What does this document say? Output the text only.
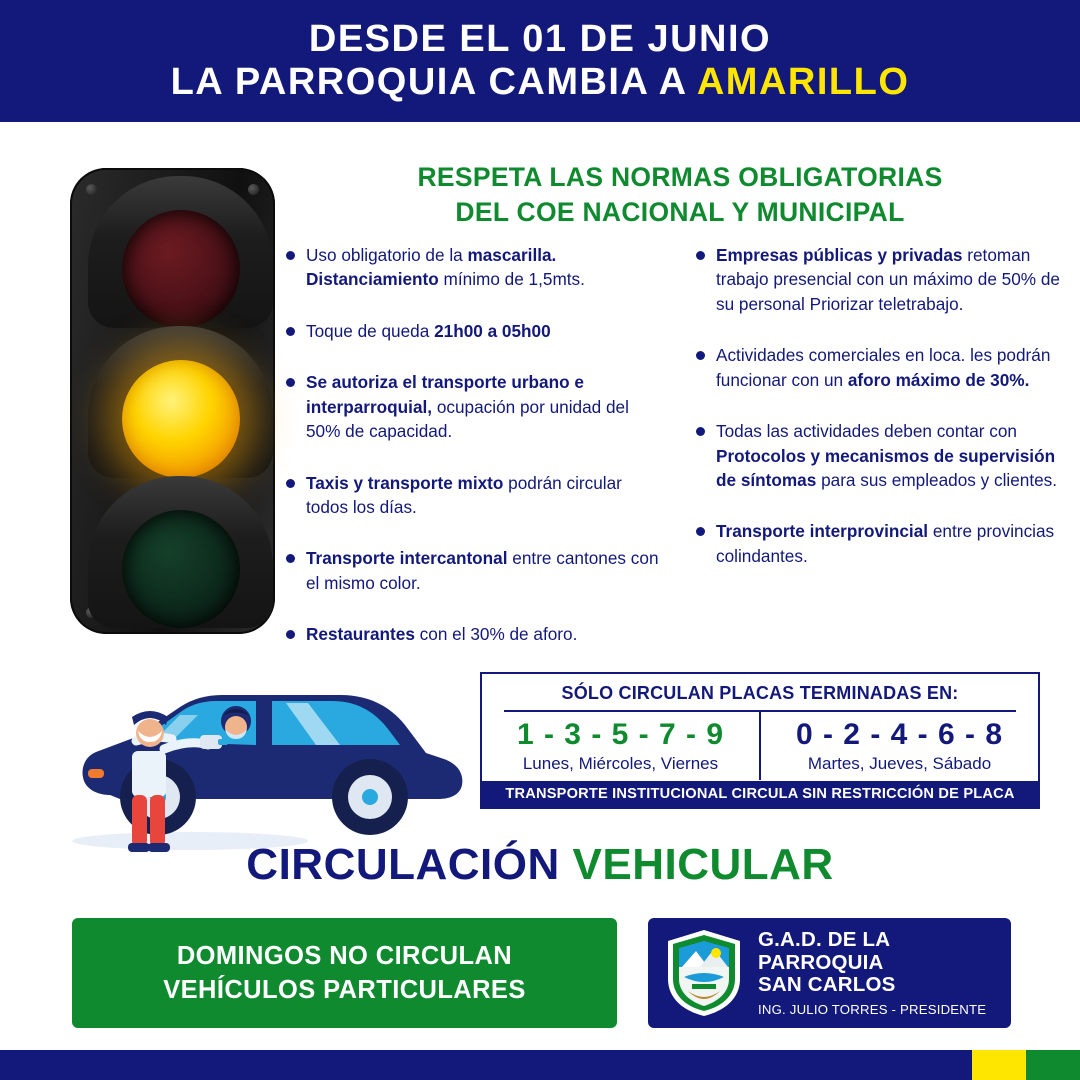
DESDE EL 01 DE JUNIO
LA PARROQUIA CAMBIA A AMARILLO
RESPETA LAS NORMAS OBLIGATORIAS
DEL COE NACIONAL Y MUNICIPAL
Uso obligatorio de la mascarilla. Distanciamiento mínimo de 1,5mts.
Toque de queda 21h00 a 05h00
Se autoriza el transporte urbano e interparroquial, ocupación por unidad del 50% de capacidad.
Taxis y transporte mixto podrán circular todos los días.
Transporte intercantonal entre cantones con el mismo color.
Restaurantes con el 30% de aforo.
Empresas públicas y privadas retoman trabajo presencial con un máximo de 50% de su personal Priorizar teletrabajo.
Actividades comerciales en loca. les podrán funcionar con un aforo máximo de 30%.
Todas las actividades deben contar con Protocolos y mecanismos de supervisión de síntomas para sus empleados y clientes.
Transporte interprovincial entre provincias colindantes.
SÓLO CIRCULAN PLACAS TERMINADAS EN:
1 - 3 - 5 - 7 - 9
Lunes, Miércoles, Viernes
0 - 2 - 4 - 6 - 8
Martes, Jueves, Sábado
TRANSPORTE INSTITUCIONAL CIRCULA SIN RESTRICCIÓN DE PLACA
CIRCULACIÓN VEHICULAR
DOMINGOS NO CIRCULAN
VEHÍCULOS PARTICULARES
G.A.D. DE LA PARROQUIA
SAN CARLOS
ING. JULIO TORRES - PRESIDENTE
